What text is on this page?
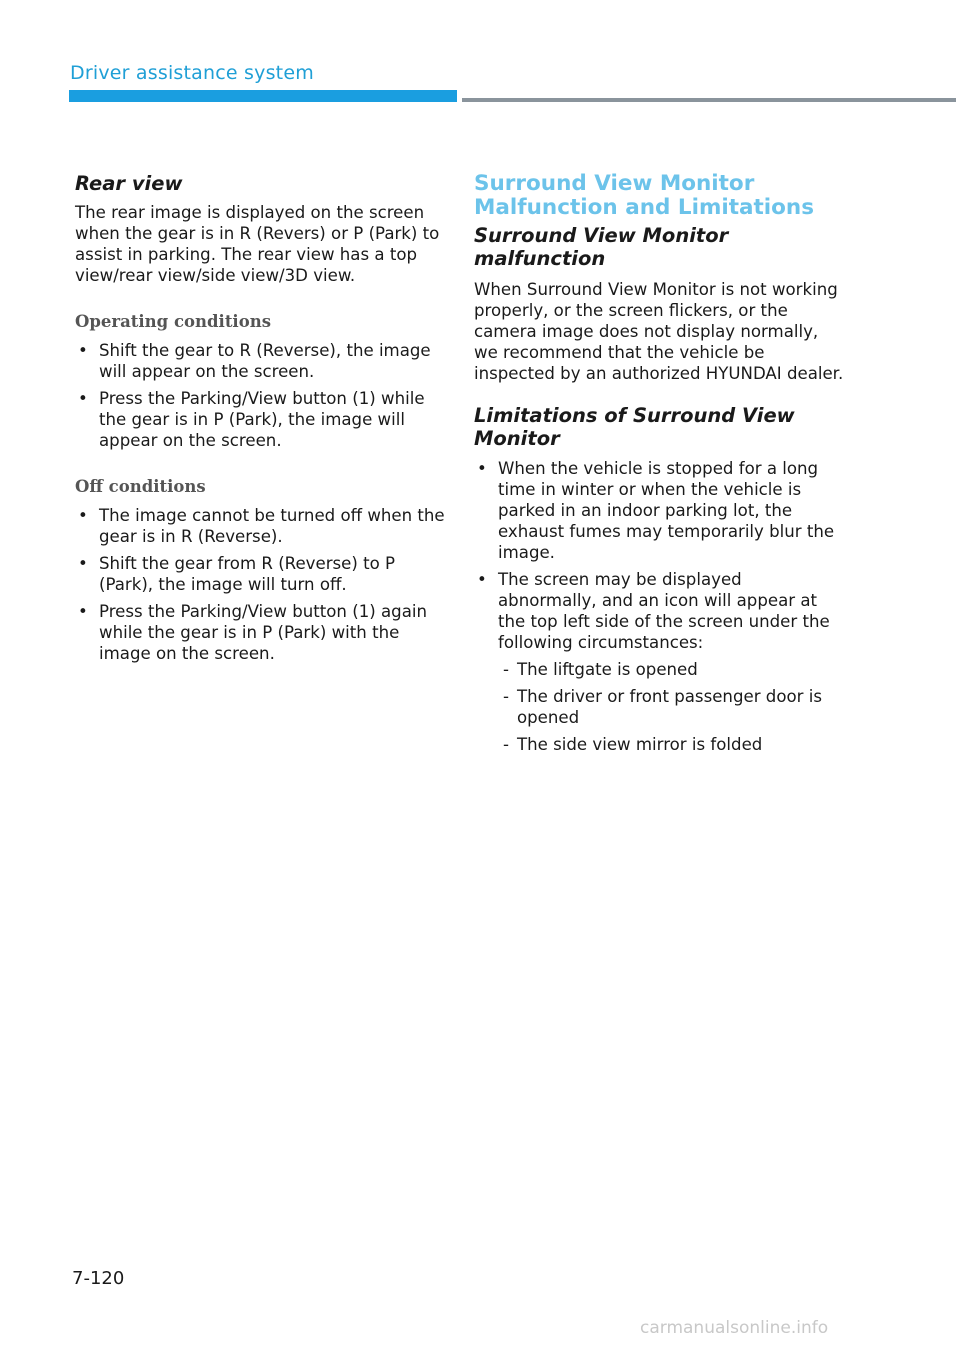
Driver assistance system
Rear view

The rear image is displayed on the screen when the gear is in R (Revers) or P (Park) to assist in parking. The rear view has a top view/rear view/side view/3D view.

Operating conditions

• Shift the gear to R (Reverse), the image will appear on the screen.
• Press the Parking/View button (1) while the gear is in P (Park), the image will appear on the screen.

Off conditions

• The image cannot be turned off when the gear is in R (Reverse).
• Shift the gear from R (Reverse) to P (Park), the image will turn off.
• Press the Parking/View button (1) again while the gear is in P (Park) with the image on the screen.
Surround View Monitor Malfunction and Limitations
Surround View Monitor malfunction

When Surround View Monitor is not working properly, or the screen flickers, or the camera image does not display normally, we recommend that the vehicle be inspected by an authorized HYUNDAI dealer.

Limitations of Surround View Monitor
• When the vehicle is stopped for a long time in winter or when the vehicle is parked in an indoor parking lot, the exhaust fumes may temporarily blur the image.
• The screen may be displayed abnormally, and an icon will appear at the top left side of the screen under the following circumstances:
- The liftgate is opened
- The driver or front passenger door is opened
- The side view mirror is folded
7-120
carmanualsonline.info
